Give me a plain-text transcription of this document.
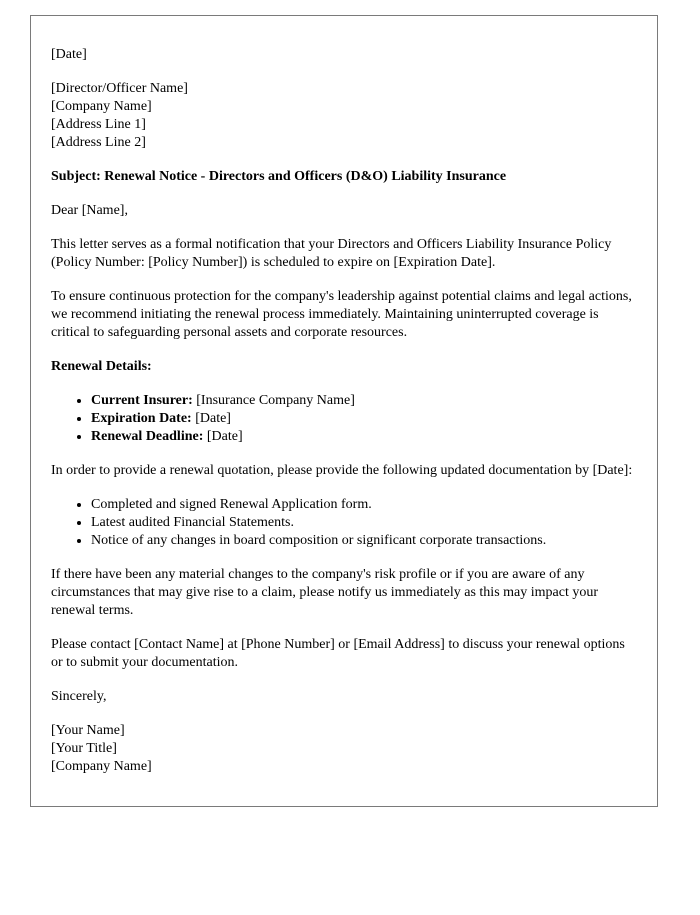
[Date]

[Director/Officer Name]
[Company Name]
[Address Line 1]
[Address Line 2]

Subject: Renewal Notice - Directors and Officers (D&O) Liability Insurance

Dear [Name],

This letter serves as a formal notification that your Directors and Officers Liability Insurance Policy (Policy Number: [Policy Number]) is scheduled to expire on [Expiration Date].

To ensure continuous protection for the company's leadership against potential claims and legal actions, we recommend initiating the renewal process immediately. Maintaining uninterrupted coverage is critical to safeguarding personal assets and corporate resources.

Renewal Details:

• Current Insurer: [Insurance Company Name]
• Expiration Date: [Date]
• Renewal Deadline: [Date]

In order to provide a renewal quotation, please provide the following updated documentation by [Date]:

• Completed and signed Renewal Application form.
• Latest audited Financial Statements.
• Notice of any changes in board composition or significant corporate transactions.

If there have been any material changes to the company's risk profile or if you are aware of any circumstances that may give rise to a claim, please notify us immediately as this may impact your renewal terms.

Please contact [Contact Name] at [Phone Number] or [Email Address] to discuss your renewal options or to submit your documentation.

Sincerely,

[Your Name]
[Your Title]
[Company Name]
